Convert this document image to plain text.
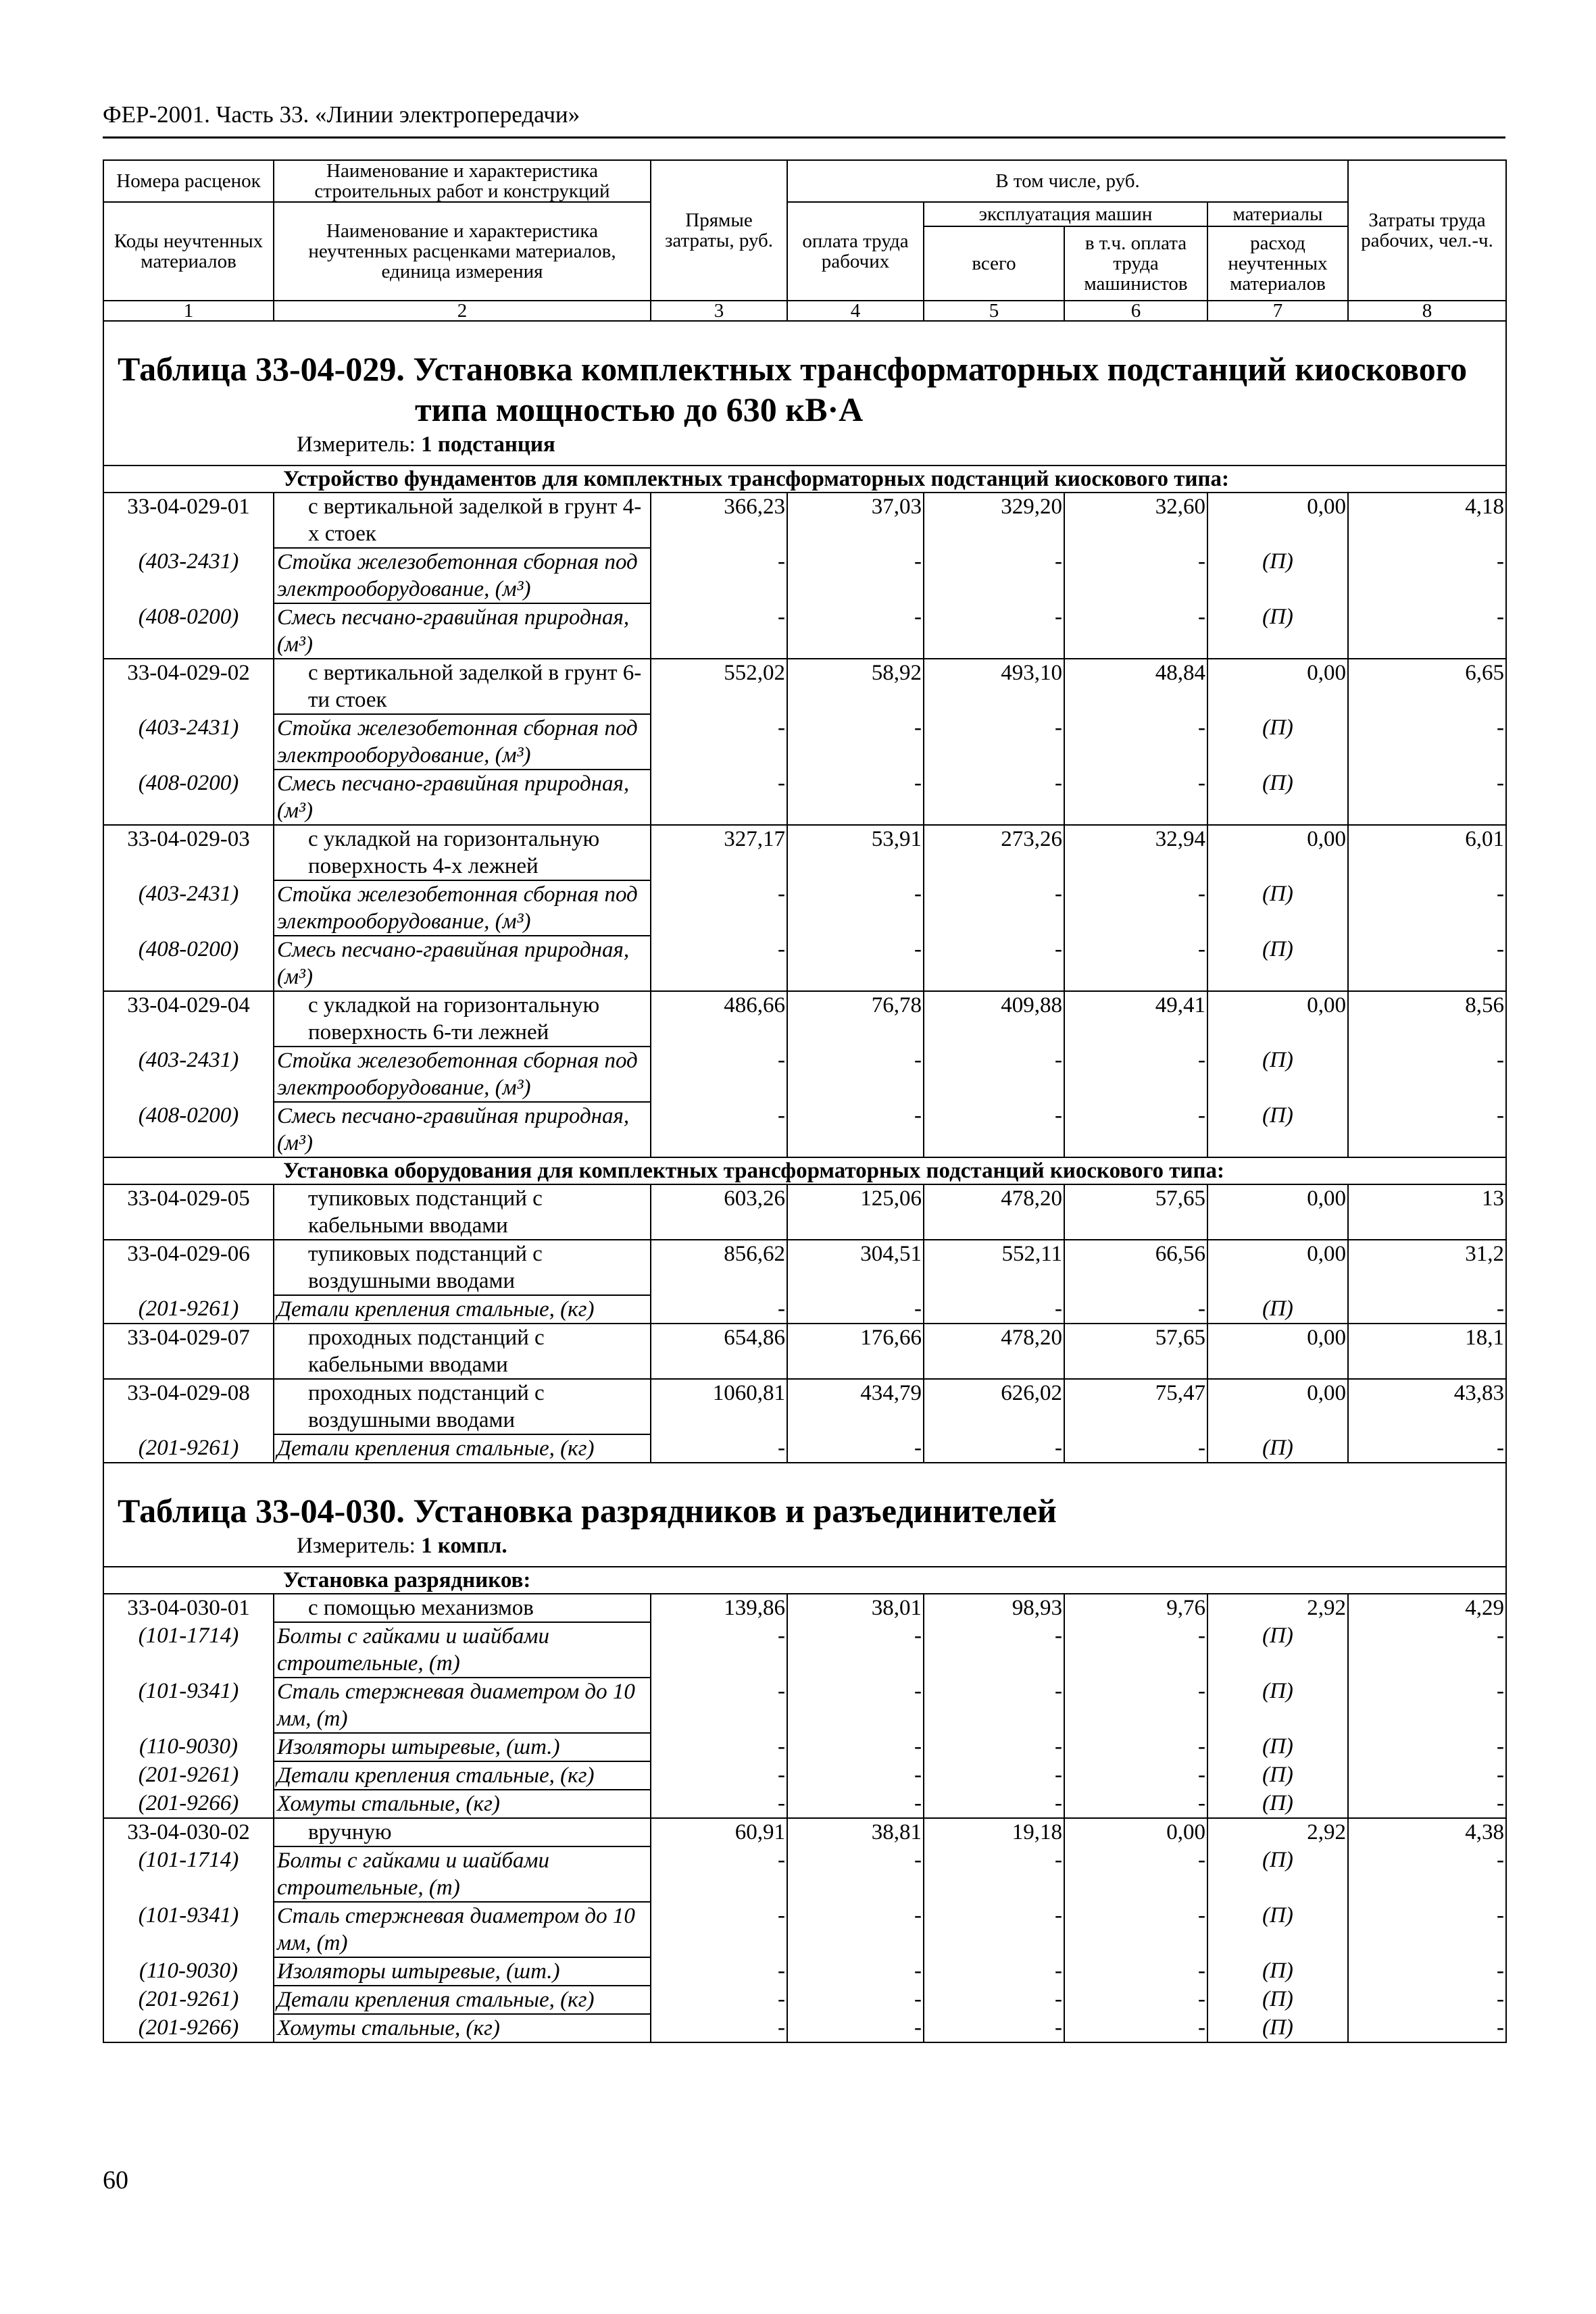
ФЕР-2001. Часть 33. «Линии электропередачи»
Номера расценок	Наименование и характеристика строительных работ и конструкций	Прямые затраты, руб.	В том числе, руб.				Затраты труда рабочих, чел.-ч.
Коды неучтенных материалов	Наименование и характеристика неучтенных расценками материалов, единица измерения		оплата труда рабочих	эксплуатация машин		материалы	
				всего	в т.ч. оплата труда машинистов	расход неучтенных материалов	
1	2	3	4	5	6	7	8
Таблица 33-04-029. Установка комплектных трансформаторных подстанций киоскового
типа мощностью до 630 кВ·А
Измеритель: 1 подстанция							

Устройство фундаментов для комплектных трансформаторных подстанций киоскового типа:							
33-04-029-01	с вертикальной заделкой в грунт 4-х стоек	366,23	37,03	329,20	32,60	0,00	4,18
(403-2431)	Стойка железобетонная сборная под электрооборудование, (м³)	-	-	-	-	(П)	-
(408-0200)	Смесь песчано-гравийная природная, (м³)	-	-	-	-	(П)	-
33-04-029-02	с вертикальной заделкой в грунт 6-ти стоек	552,02	58,92	493,10	48,84	0,00	6,65
(403-2431)	Стойка железобетонная сборная под электрооборудование, (м³)	-	-	-	-	(П)	-
(408-0200)	Смесь песчано-гравийная природная, (м³)	-	-	-	-	(П)	-
33-04-029-03	с укладкой на горизонтальную поверхность 4-х лежней	327,17	53,91	273,26	32,94	0,00	6,01
(403-2431)	Стойка железобетонная сборная под электрооборудование, (м³)	-	-	-	-	(П)	-
(408-0200)	Смесь песчано-гравийная природная, (м³)	-	-	-	-	(П)	-
33-04-029-04	с укладкой на горизонтальную поверхность 6-ти лежней	486,66	76,78	409,88	49,41	0,00	8,56
(403-2431)	Стойка железобетонная сборная под электрооборудование, (м³)	-	-	-	-	(П)	-
(408-0200)	Смесь песчано-гравийная природная, (м³)	-	-	-	-	(П)	-
Установка оборудования для комплектных трансформаторных подстанций киоскового типа:							
33-04-029-05	тупиковых подстанций с кабельными вводами	603,26	125,06	478,20	57,65	0,00	13
33-04-029-06	тупиковых подстанций с воздушными вводами	856,62	304,51	552,11	66,56	0,00	31,2
(201-9261)	Детали крепления стальные, (кг)	-	-	-	-	(П)	-
33-04-029-07	проходных подстанций с кабельными вводами	654,86	176,66	478,20	57,65	0,00	18,1
33-04-029-08	проходных подстанций с воздушными вводами	1060,81	434,79	626,02	75,47	0,00	43,83
(201-9261)	Детали крепления стальные, (кг)	-	-	-	-	(П)	-

Таблица 33-04-030. Установка разрядников и разъединителей
Измеритель: 1 компл.							

Установка разрядников:							
33-04-030-01	с помощью механизмов	139,86	38,01	98,93	9,76	2,92	4,29
(101-1714)	Болты с гайками и шайбами строительные, (т)	-	-	-	-	(П)	-
(101-9341)	Сталь стержневая диаметром до 10 мм, (т)	-	-	-	-	(П)	-
(110-9030)	Изоляторы штыревые, (шт.)	-	-	-	-	(П)	-
(201-9261)	Детали крепления стальные, (кг)	-	-	-	-	(П)	-
(201-9266)	Хомуты стальные, (кг)	-	-	-	-	(П)	-
33-04-030-02	вручную	60,91	38,81	19,18	0,00	2,92	4,38
(101-1714)	Болты с гайками и шайбами строительные, (т)	-	-	-	-	(П)	-
(101-9341)	Сталь стержневая диаметром до 10 мм, (т)	-	-	-	-	(П)	-
(110-9030)	Изоляторы штыревые, (шт.)	-	-	-	-	(П)	-
(201-9261)	Детали крепления стальные, (кг)	-	-	-	-	(П)	-
(201-9266)	Хомуты стальные, (кг)	-	-	-	-	(П)	-
60
